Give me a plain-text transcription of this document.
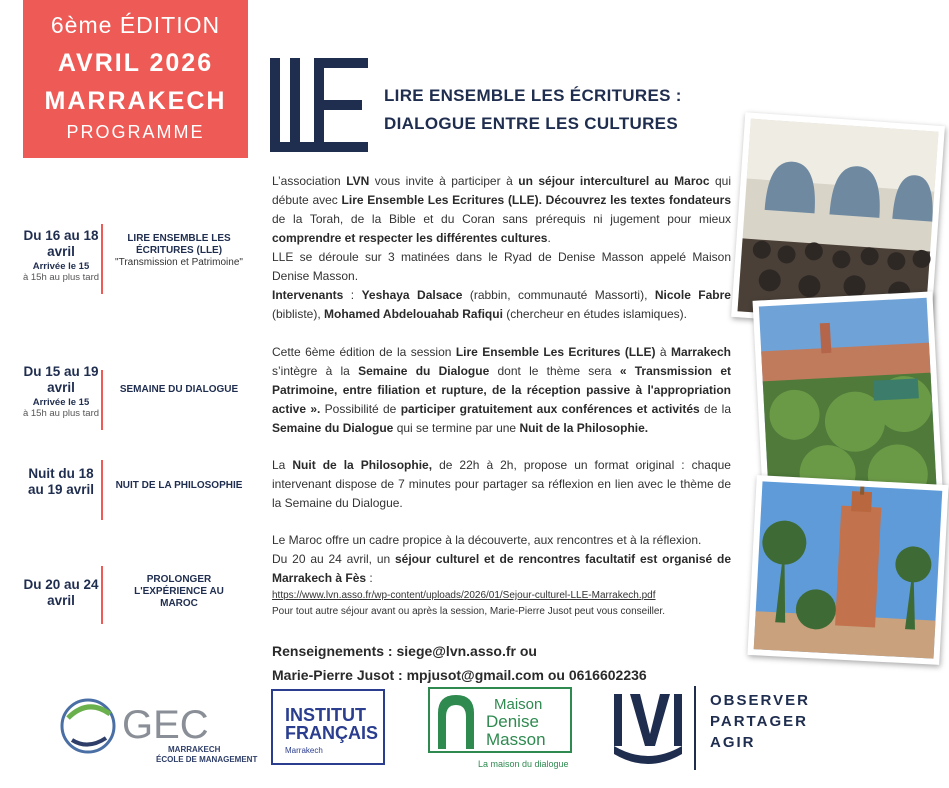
6ème ÉDITION
AVRIL 2026
MARRAKECH
PROGRAMME
LIRE ENSEMBLE LES ÉCRITURES :
DIALOGUE ENTRE LES CULTURES
Du 16 au 18 avril
Arrivée le 15
à 15h au plus tard
LIRE ENSEMBLE LES ÉCRITURES (LLE)
"Transmission et Patrimoine"
Du 15 au 19 avril
Arrivée le 15
à 15h au plus tard
SEMAINE DU DIALOGUE
Nuit du 18 au 19 avril	NUIT DE LA PHILOSOPHIE
Du 20 au 24 avril
PROLONGER L'EXPÉRIENCE AU MAROC
L’association LVN vous invite à participer à un séjour interculturel au Maroc qui débute avec Lire Ensemble Les Ecritures (LLE). Découvrez les textes fondateurs de la Torah, de la Bible et du Coran sans prérequis ni jugement pour mieux comprendre et respecter les différentes cultures.
LLE se déroule sur 3 matinées dans le Ryad de Denise Masson appelé Maison Denise Masson.
Intervenants : Yeshaya Dalsace (rabbin, communauté Massorti), Nicole Fabre (bibliste), Mohamed Abdelouahab Rafiqui (chercheur en études islamiques).
Cette 6ème édition de la session Lire Ensemble Les Ecritures (LLE) à Marrakech s’intègre à la Semaine du Dialogue dont le thème sera « Transmission et Patrimoine, entre filiation et rupture, de la réception passive à l'appropriation active ». Possibilité de participer gratuitement aux conférences et activités de la Semaine du Dialogue qui se termine par une Nuit de la Philosophie.
La Nuit de la Philosophie, de 22h à 2h, propose un format original : chaque intervenant dispose de 7 minutes pour partager sa réflexion en lien avec le thème de la Semaine du Dialogue.
Le Maroc offre un cadre propice à la découverte, aux rencontres et à la réflexion.
Du 20 au 24 avril, un séjour culturel et de rencontres facultatif est organisé de Marrakech à Fès :
https://www.lvn.asso.fr/wp-content/uploads/2026/01/Sejour-culturel-LLE-Marrakech.pdf
Pour tout autre séjour avant ou après la session, Marie-Pierre Jusot peut vous conseiller.
Renseignements : siege@lvn.asso.fr ou
Marie-Pierre Jusot : mpjusot@gmail.com ou 0616602236
GEC
MARRAKECH
ÉCOLE DE MANAGEMENT
INSTITUT
FRANÇAIS
Marrakech
Maison
Denise
Masson
La maison du dialogue
OBSERVER
PARTAGER
AGIR
